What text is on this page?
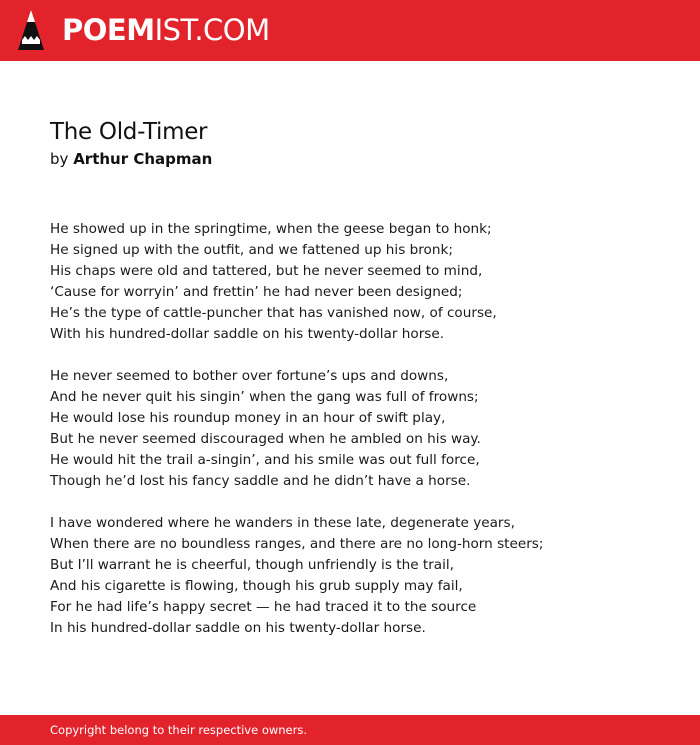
POEMIST.COM
The Old-Timer
by Arthur Chapman
He showed up in the springtime, when the geese began to honk;
He signed up with the outfit, and we fattened up his bronk;
His chaps were old and tattered, but he never seemed to mind,
‘Cause for worryin’ and frettin’ he had never been designed;
He’s the type of cattle-puncher that has vanished now, of course,
With his hundred-dollar saddle on his twenty-dollar horse.
He never seemed to bother over fortune’s ups and downs,
And he never quit his singin’ when the gang was full of frowns;
He would lose his roundup money in an hour of swift play,
But he never seemed discouraged when he ambled on his way.
He would hit the trail a-singin’, and his smile was out full force,
Though he’d lost his fancy saddle and he didn’t have a horse.
I have wondered where he wanders in these late, degenerate years,
When there are no boundless ranges, and there are no long-horn steers;
But I’ll warrant he is cheerful, though unfriendly is the trail,
And his cigarette is flowing, though his grub supply may fail,
For he had life’s happy secret — he had traced it to the source
In his hundred-dollar saddle on his twenty-dollar horse.
Copyright belong to their respective owners.
